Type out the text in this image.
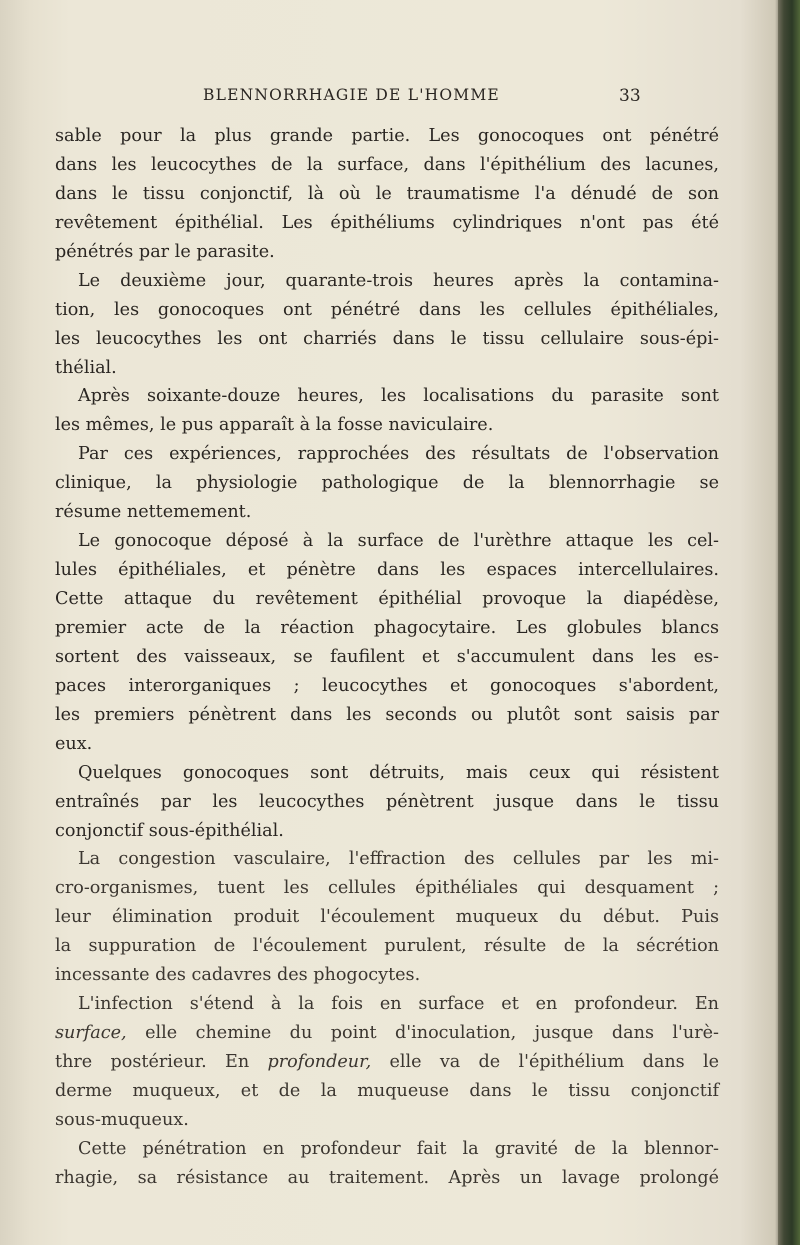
BLENNORRHAGIE DE L'HOMME	33
sable pour la plus grande partie. Les gonocoques ont pénétré
dans les leucocythes de la surface, dans l'épithélium des lacunes,
dans le tissu conjonctif, là où le traumatisme l'a dénudé de son
revêtement épithélial. Les épithéliums cylindriques n'ont pas été
pénétrés par le parasite.
Le deuxième jour, quarante-trois heures après la contamina-
tion, les gonocoques ont pénétré dans les cellules épithéliales,
les leucocythes les ont charriés dans le tissu cellulaire sous-épi-
thélial.
Après soixante-douze heures, les localisations du parasite sont
les mêmes, le pus apparaît à la fosse naviculaire.
Par ces expériences, rapprochées des résultats de l'observation
clinique, la physiologie pathologique de la blennorrhagie se
résume nettemement.
Le gonocoque déposé à la surface de l'urèthre attaque les cel-
lules épithéliales, et pénètre dans les espaces intercellulaires.
Cette attaque du revêtement épithélial provoque la diapédèse,
premier acte de la réaction phagocytaire. Les globules blancs
sortent des vaisseaux, se faufilent et s'accumulent dans les es-
paces interorganiques ; leucocythes et gonocoques s'abordent,
les premiers pénètrent dans les seconds ou plutôt sont saisis par
eux.
Quelques gonocoques sont détruits, mais ceux qui résistent
entraînés par les leucocythes pénètrent jusque dans le tissu
conjonctif sous-épithélial.
La congestion vasculaire, l'effraction des cellules par les mi-
cro-organismes, tuent les cellules épithéliales qui desquament ;
leur élimination produit l'écoulement muqueux du début. Puis
la suppuration de l'écoulement purulent, résulte de la sécrétion
incessante des cadavres des phogocytes.
L'infection s'étend à la fois en surface et en profondeur. En
surface, elle chemine du point d'inoculation, jusque dans l'urè-
thre postérieur. En profondeur, elle va de l'épithélium dans le
derme muqueux, et de la muqueuse dans le tissu conjonctif
sous-muqueux.
Cette pénétration en profondeur fait la gravité de la blennor-
rhagie, sa résistance au traitement. Après un lavage prolongé
